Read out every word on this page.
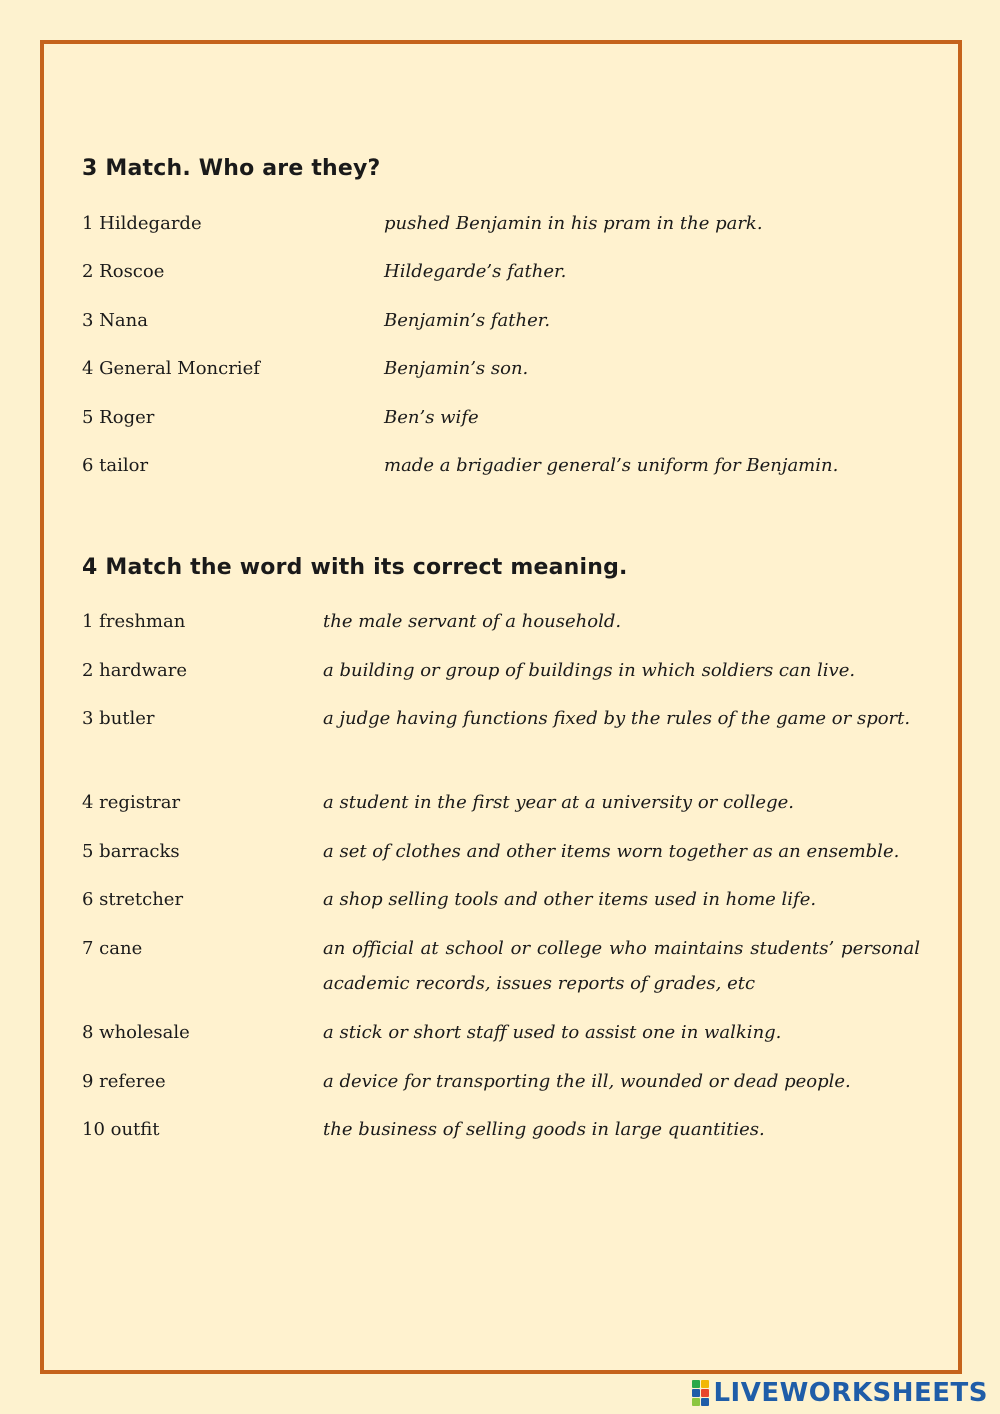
3 Match. Who are they?
1 Hildegarde	pushed Benjamin in his pram in the park.
2 Roscoe	Hildegarde’s father.
3 Nana	Benjamin’s father.
4 General Moncrief	Benjamin’s son.
5 Roger	Ben’s wife
6 tailor	made a brigadier general’s uniform for Benjamin.
4 Match the word with its correct meaning.
1 freshman	the male servant of a household.
2 hardware	a building or group of buildings in which soldiers can live.
3 butler	a judge having functions fixed by the rules of the game or sport.
4 registrar	a student in the first year at a university or college.
5 barracks	a set of clothes and other items worn together as an ensemble.
6 stretcher	a shop selling tools and other items used in home life.
7 cane	an official at school or college who maintains students’ personal academic records, issues reports of grades, etc
8 wholesale	a stick or short staff used to assist one in walking.
9 referee	a device for transporting the ill, wounded or dead people.
10 outfit	the business of selling goods in large quantities.
LIVEWORKSHEETS
